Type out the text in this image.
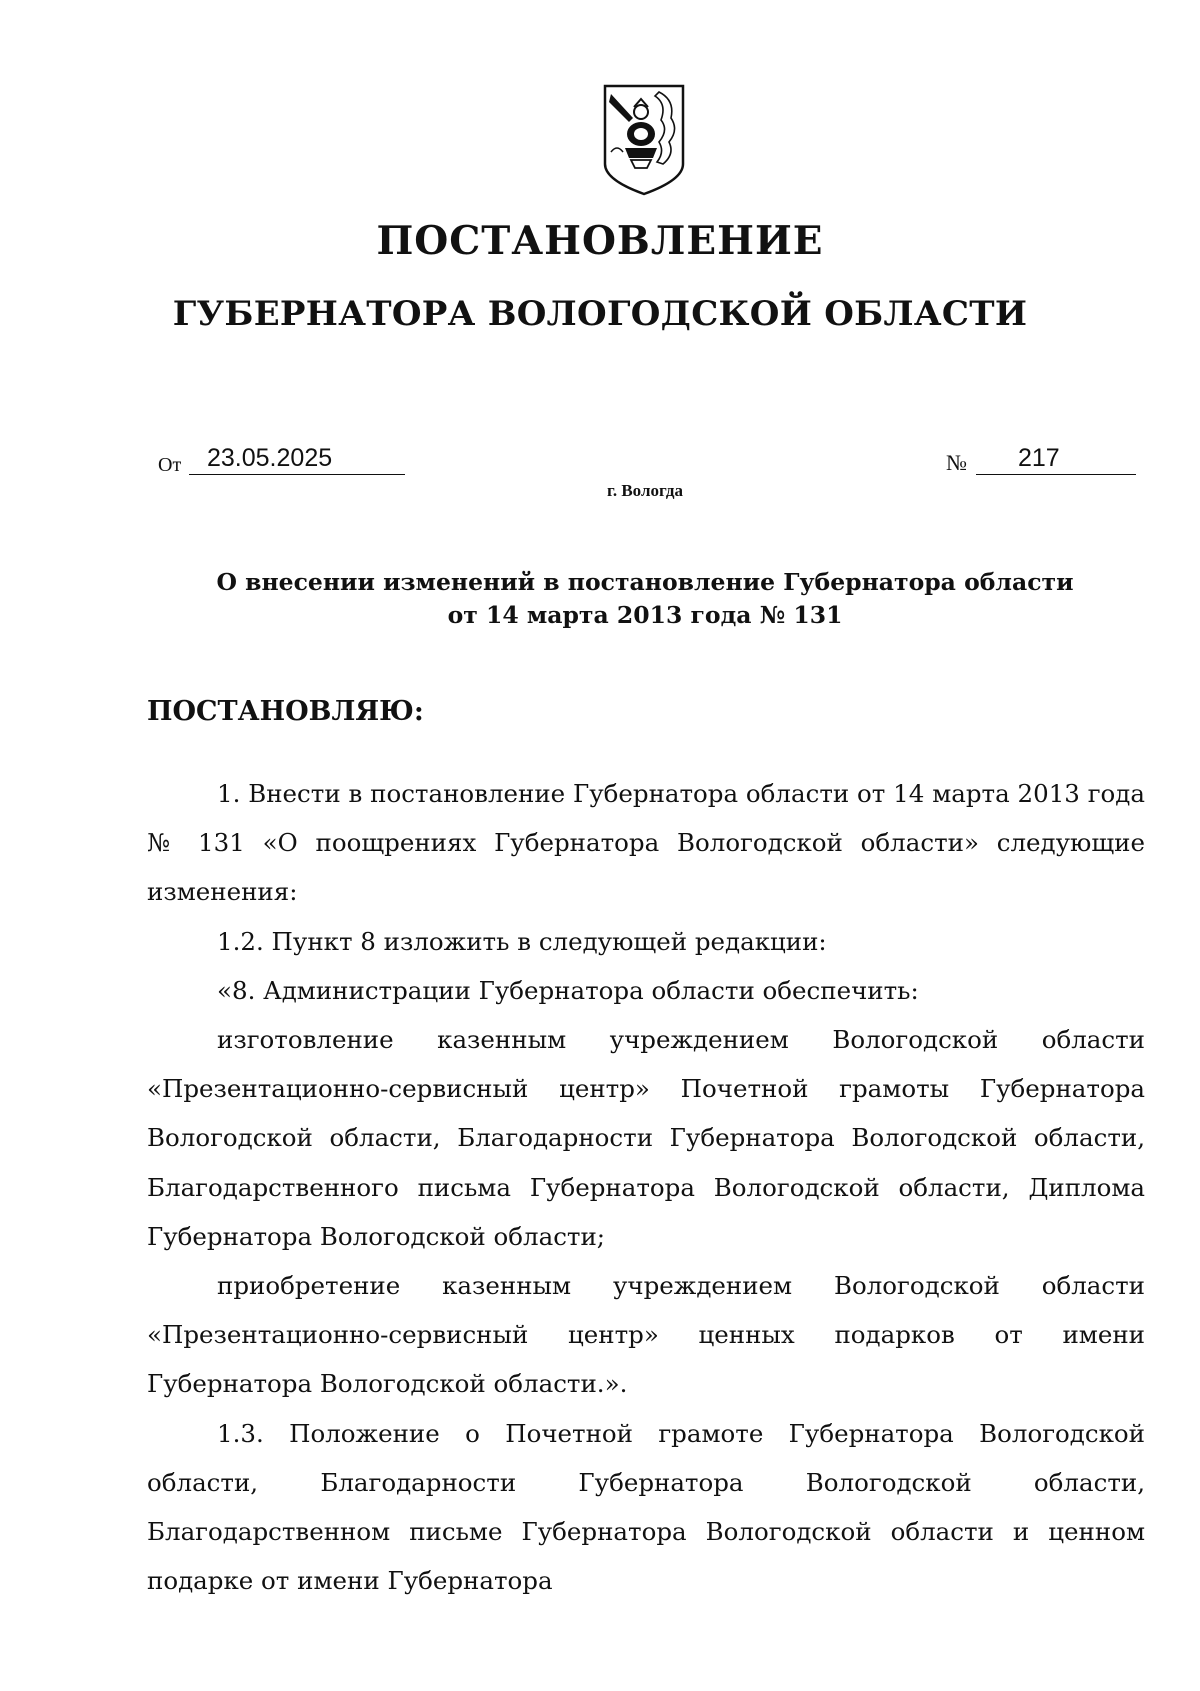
ПОСТАНОВЛЕНИЕ
ГУБЕРНАТОРА ВОЛОГОДСКОЙ ОБЛАСТИ
От	23.05.2025	№	217
г. Вологда
О внесении изменений в постановление Губернатора области
от 14 марта 2013 года № 131
ПОСТАНОВЛЯЮ:

1. Внести в постановление Губернатора области от 14 марта 2013 года № 131 «О поощрениях Губернатора Вологодской области» следующие изменения:

1.2. Пункт 8 изложить в следующей редакции:

«8. Администрации Губернатора области обеспечить:

изготовление казенным учреждением Вологодской области «Презентационно-сервисный центр» Почетной грамоты Губернатора Вологодской области, Благодарности Губернатора Вологодской области, Благодарственного письма Губернатора Вологодской области, Диплома Губернатора Вологодской области;

приобретение казенным учреждением Вологодской области «Презентационно-сервисный центр» ценных подарков от имени Губернатора Вологодской области.».

1.3. Положение о Почетной грамоте Губернатора Вологодской области, Благодарности Губернатора Вологодской области, Благодарственном письме Губернатора Вологодской области и ценном подарке от имени Губернатора
